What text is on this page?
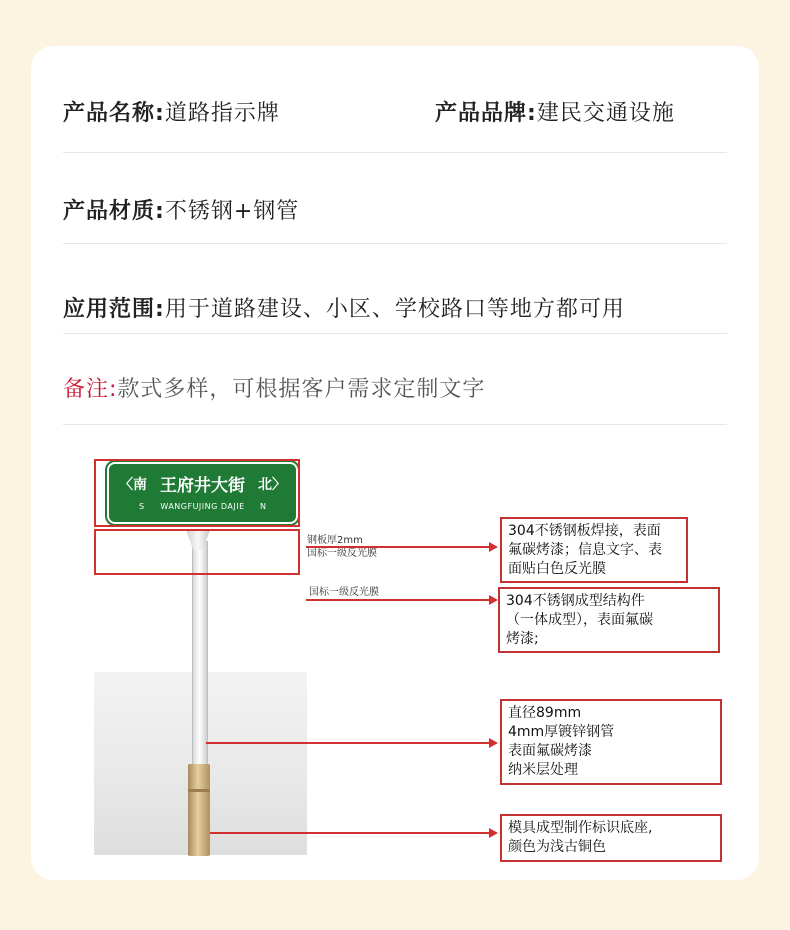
产品名称:道路指示牌	产品品牌:建民交通设施
产品材质:不锈钢+钢管
应用范围:用于道路建设、小区、学校路口等地方都可用
备注:款式多样，可根据客户需求定制文字
〈南 王府井大街 北〉
S	WANGFUJING DAJIE	N
钢板厚2mm
国标一级反光膜
304不锈钢板焊接，表面
氟碳烤漆；信息文字、表
面贴白色反光膜
国标一级反光膜
304不锈钢成型结构件
（一体成型），表面氟碳
烤漆;
直径89mm
4mm厚镀锌钢管
表面氟碳烤漆
纳米层处理
模具成型制作标识底座,
颜色为浅古铜色
